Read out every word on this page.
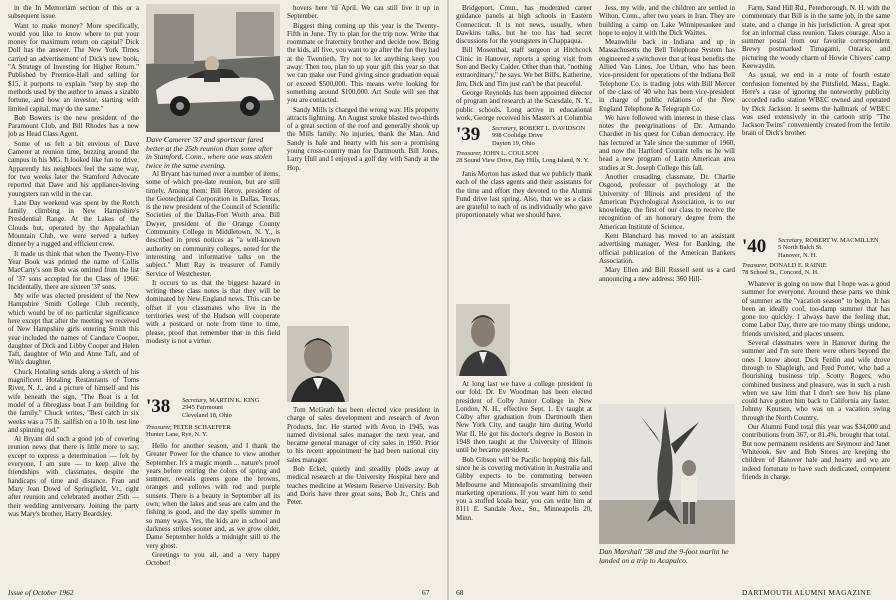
in the In Memoriam section of this or a subsequent issue.

Want to make money? More specifically, would you like to know where to put your money for maximum return on capital? Dick Doll has the answer. The New York Times carried an advertisement of Dick's new book, "A Strategy of Investing for Higher Return." Published by Prentice-Hall and selling for $15, it purports to explain "step by step the methods used by the author to amass a sizable fortune, and how an investor, starting with limited capital, may do the same."

Bob Bowers is the new president of the Paramount Club, and Bill Rhodes has a new job as Head Class Agent.

Some of us felt a bit envious of Dave Camerer at reunion time, buzzing around the campus in his MG. It looked like fun to drive. Apparently his neighbors feel the same way, for two weeks later the Stamford Advocate reported that Dave and his appliance-loving youngsters ran wild in the car.

Late Day weekend was spent by the Rotch family climbing in New Hampshire's Presidential Range. At the Lakes of the Clouds hut, operated by the Appalachian Mountain Club, we were served a turkey dinner by a rugged and efficient crew.

It made us think that when the Twenty-Five Year Book was printed the name of Collis MacCarty's son Bob was omitted from the list of '37 sons accepted for the Class of 1966. Incidentally, there are sixteen '37 sons.

My wife was elected president of the New Hampshire Smith College Club recently, which would be of no particular significance here except that after the meeting we received of New Hampshire girls entering Smith this year included the names of Candace Cooper, daughter of Dick and Libby Cooper and Helen Taft, daughter of Win and Anne Taft, and of Win's daughter.

Chuck Hotaling sends along a sketch of his magnificent Hotaling Restaurants of Toms River, N. J., and a picture of himself and his wife beneath the sign, "The Boat is a lot model of a fibreglass boat I am building for the family." Chuck writes, "Best catch in six weeks was a 75 lb. sailfish on a 10 lb. test line and spinning rod."

Al Bryant did such a good job of covering reunion news that there is little more to say, except to express a determination — felt by everyone, I am sure — to keep alive the friendships with classmates, despite the handicaps of time and distance. Fran and Mary Jean Dowd of Springfield, Vt., right after reunion and celebrated another 25th — their wedding anniversary. Joining the party was Mary's brother, Harry Beardsley.

Dave Camerer '37 and sportscar fared better at the 25th reunion than some after in Stamford, Conn., where one was stolen twice in the same evening.

Al Bryant has turned over a number of items, some of which pre-date reunion, but are still timely. Among them: Bill Heroy, president of the Geotechnical Corporation in Dallas, Texas, is the new president of the Council of Scientific Societies of the Dallas-Fort Worth area. Bill Dwyer, president of the Orange County Community College in Middletown, N. Y., is described in press notices as "a well-known authority on community colleges, noted for the interesting and informative talks on the subject." Mutt Ray is treasurer of Family Service of Westchester.

It occurs to us that the biggest hazard in writing these class notes is that they will be dominated by New England news. This can be offset if you classmates who live in the territories west of the Hudson will cooperate with a postcard or note from time to time, please, proof that remember that in this field modesty is not a virtue.

'38 Secretary, MARTIN K. KING
2945 Fairmount
Cleveland 18, Ohio
Treasurer, PETER SCHAEFFER
Hunter Lane, Rye, N. Y.

Hello for another season, and I thank the Greater Power for the chance to view another September. It's a magic month ... nature's proof years before retiring the colors of spring and summer, reveals greens gone the browns, oranges and yellows with red and purple sunsets. There is a beauty in September all its own; when the lakes and seas are calm and the fishing is good, and the day spells summer in so many ways. Yes, the kids are in school and darkness strikes sooner and, as we grow older, Dame September holds a midnight still to the very ghost.

Greetings to you all, and a very happy October!

hovers here 'til April. We can still live it up in September.

Biggest thing coming up this year is the Twenty-Fifth in June. Try to plan for the trip now. Write that roommate or fraternity brother and decide now. Bring the kids, all five, you want to go after the fun they had at the Twentieth. Try not to let anything keep you away. Then too, plan to up your gift this year so that we can make our Fund giving since graduation equal or exceed $500,000. This means we're looking for something around $100,000. Art Soule will see that you are contacted.

Sandy Mills is charged the wrong way. His property attracts lightning. An August stroke blasted two-thirds of a great section of the roof and generally shook up the Mills family. No injuries, thank the Man. And Sandy is hale and hearty with his son a promising young cross-country man for Dartmouth. Bill Jones, Larry Hull and I enjoyed a golf day with Sandy at the Hop.

Tom McGrath has been elected vice president in charge of sales development and research of Avon Products, Inc. He started with Avon in 1945, was named divisional sales manager the next year, and became general manager of city sales in 1950. Prior to his recent appointment he had been national city sales manager.

Bob Eckel, quietly and steadily plods away at medical research at the University Hospital here and teaches medicine at Western Reserve University. Bob and Doris have three great sons, Bob Jr., Chris and Peter.

Issue of October 1962	67

Bridgeport, Conn., has moderated career guidance panels at high schools in Eastern Connecticut. It is not news, usually, when Dawkins talks, but he too has had secret discussions for the youngsters in Chappaqua.

Bill Mosenthal, staff surgeon at Hitchcock Clinic in Hanover, reports a spring visit from Son and Becky Calder. Other than that, "nothing extraordinary," he says. We bet Bill's, Katherine, Jim, Dick and Tim just can't be that peaceful.

George Reynolds has been appointed director of program and research at the Scarsdale, N. Y., public schools. Long active in educational work, George received his Master's at Columbia

'39 Secretary, ROBERT L. DAVIDSON
998 Coolidge Drive
Dayton 19, Ohio
Treasurer, JOHN L. COULSON
28 Sound View Drive, Bay Hills, Long Island, N. Y.

Janis Morton has asked that we publicly thank each of the class agents and their assistants for the time and effort they devoted to the Alumni Fund drive last spring. Also, that we as a class are grateful to each of us individually who gave proportionately what we should have.

At long last we have a college president in our fold. Dr. Ev Woodman has been elected president of Colby Junior College in New London, N. H., effective Sept. 1. Ev taught at Colby after graduation from Dartmouth then New York City, and taught him during World War II. He got his doctor's degree in Boston in 1948 then taught at the University of Illinois until he became president.

Bob Gibson will be Pacific hopping this fall, since he is covering motivation in Australia and Gibby expects to be commuting between Melbourne and Minneapolis streamlining their marketing operations. If you want him to send you a stuffed koala bear, you can write him at 8111 E. Sandale Ave., So., Minneapolis 20, Minn.

Jess, my wife, and the children are settled in Wilton, Conn., after two years in Iran. They are building a camp on Lake Winnipesaukee and hope to enjoy it with the Dick Waittes.

Meanwhile back in Indiana and up in Massachusetts the Bell Telephone System has engineered a switchover that at least benefits the Allied Van Lines. Joe Urban, who has been vice-president for operations of the Indiana Bell Telephone Co. is trading jobs with Bill Mercer of the class of '40 who has been vice-president in charge of public relations of the New England Telephone & Telegraph Co.

We have followed with interest in these class notes the peregrinations of Dr. Armando Chardiet in his quest for Cuban democracy. He has lectured at Yale since the summer of 1960, and now the Hartford Courant tells us he will head a new program of Latin American area studies at St. Joseph College this fall.

Another crusading classmate, Dr. Charlie Osgood, professor of psychology at the University of Illinois and president of the American Psychological Association, is to our knowledge, the first of our class to receive the recognition of an honorary degree from the American Institute of Science.

Kent Blanchard has moved to an assistant advertising manager, West for Banking, the official publication of the American Bankers Association.

Mary Ellen and Bill Russell sent us a card announcing a new address: 360 Hill-

Dan Marshall '38 and the 9-foot marlin he landed on a trip to Acapulco.

Farm, Sand Hill Rd., Peterborough, N. H. with the commentary that Bill is in the same job, in the same state, and a change in his jurisdiction. A great spot for an informal class reunion. Takes courage. Also a summer postal from our favorite correspondent Brewy postmarked Timagami, Ontario, and picturing the woody charm of Howie Chivers' camp Keewaydin.

As usual, we end in a note of fourth estate confusion fomented by the Pittsfield, Mass., Eagle. Here's a case of ignoring the noteworthy publicity accorded radio station WBEC owned and operated by Dick Jackson. It seems the hallmark of WBEC was used extensively in the cartoon strip "The Jackson Twins" conveniently created from the fertile brain of Dick's brother.

'40 Secretary, ROBERT W. MACMILLEN
5 North Balch St.
Hanover, N. H.
Treasurer, DONALD E. RAINIE
78 School St., Concord, N. H.

Whatever is going on now that I hope was a good summer for everyone. Around these parts we think of summer as the "vacation season" to begin. It has been an ideally cool, too-damp summer that has gone too quickly. I always have the feeling that, come Labor Day, there are too many things undone, friends unvisited, and places unseen.

Several classmates were in Hanover during the summer and I'm sure there were others beyond the ones I know about. Dick Fenlin and wife drove through to Shapleigh, and Fred Porter, who had a flourishing business trip. Scotty Rogers, who combined business and pleasure, was in such a rush when we saw him that I don't see how his plane could have gotten him back to California any faster. Johnny Knutsen, who was on a vacation swing through the North Country.

Our Alumni Fund total this year was $34,000 and contributions from 367, or 81.4%, brought that total. But now permanent residents are Seymour and Janet Whiteook. Sev and Bob Stores are keeping the children of Hanover hale and hearty and we are indeed fortunate to have such dedicated, competent friends in charge.

68	DARTMOUTH ALUMNI MAGAZINE
